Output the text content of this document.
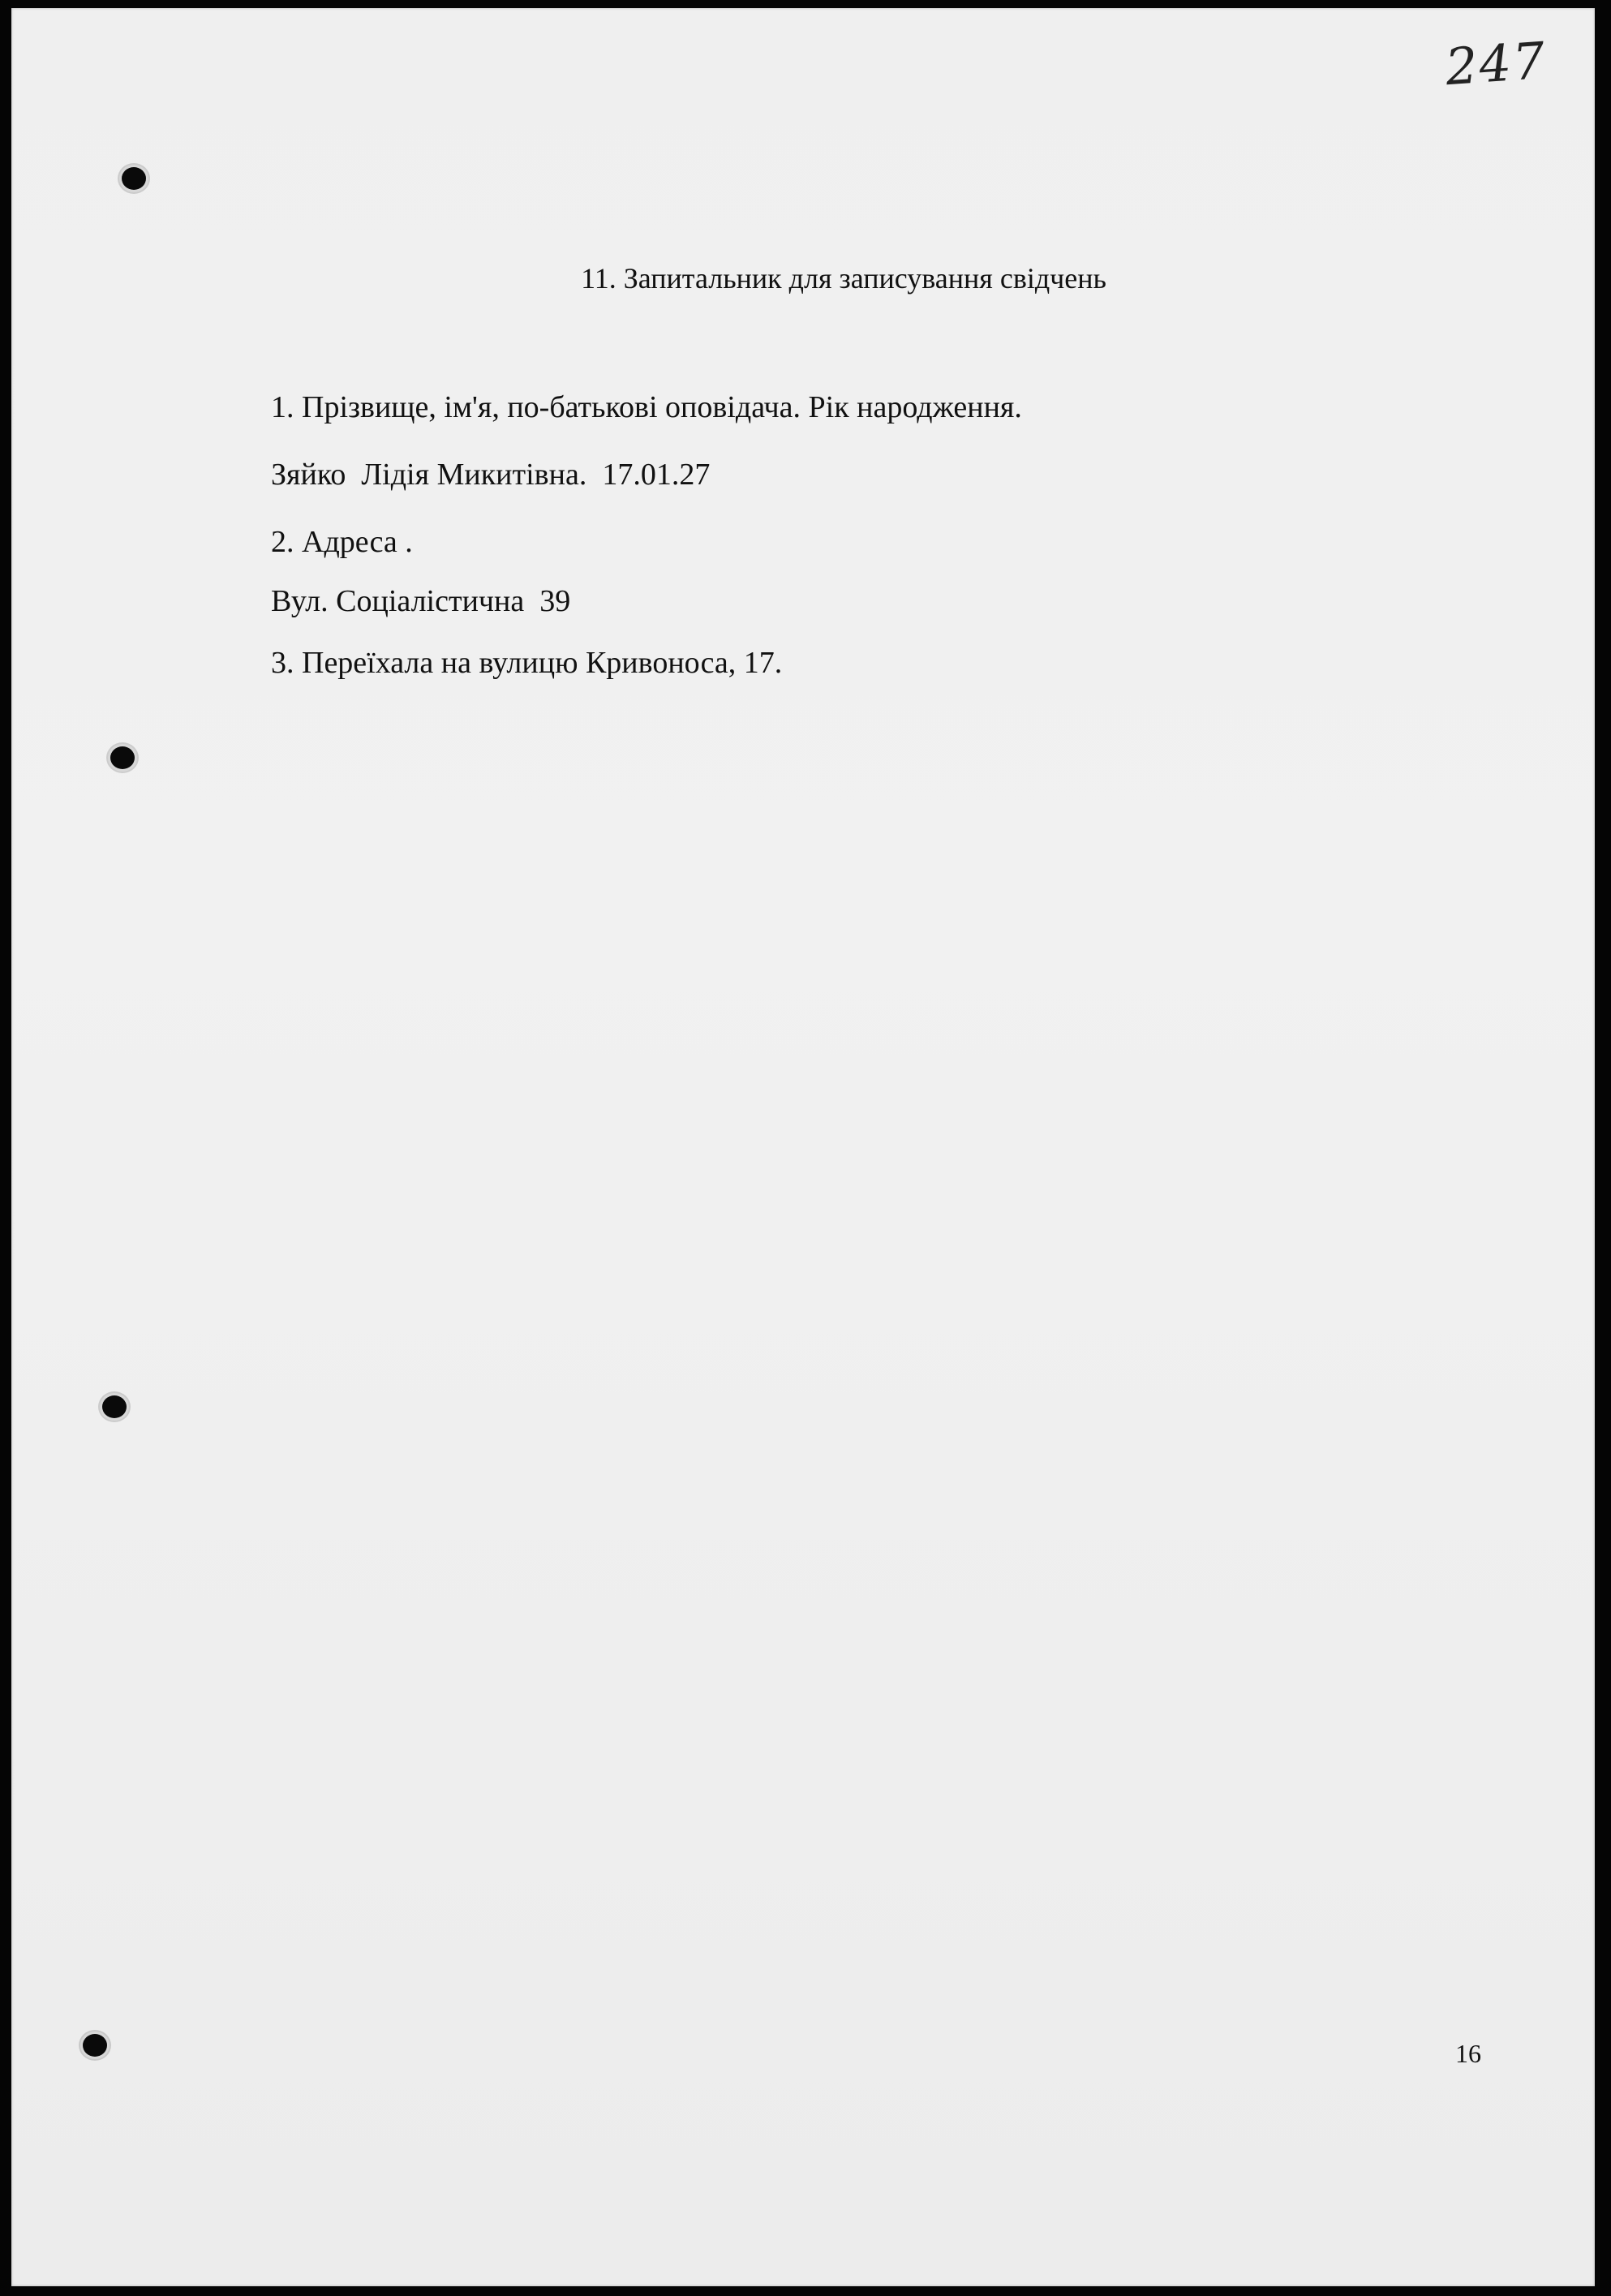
247
11. Запитальник для записування свідчень
1. Прізвище, ім'я, по-батькові оповідача. Рік народження.
Зяйко  Лідія Микитівна.  17.01.27
2. Адреса .
Вул. Соціалістична  39
3. Переїхала на вулицю Кривоноса, 17.
16
